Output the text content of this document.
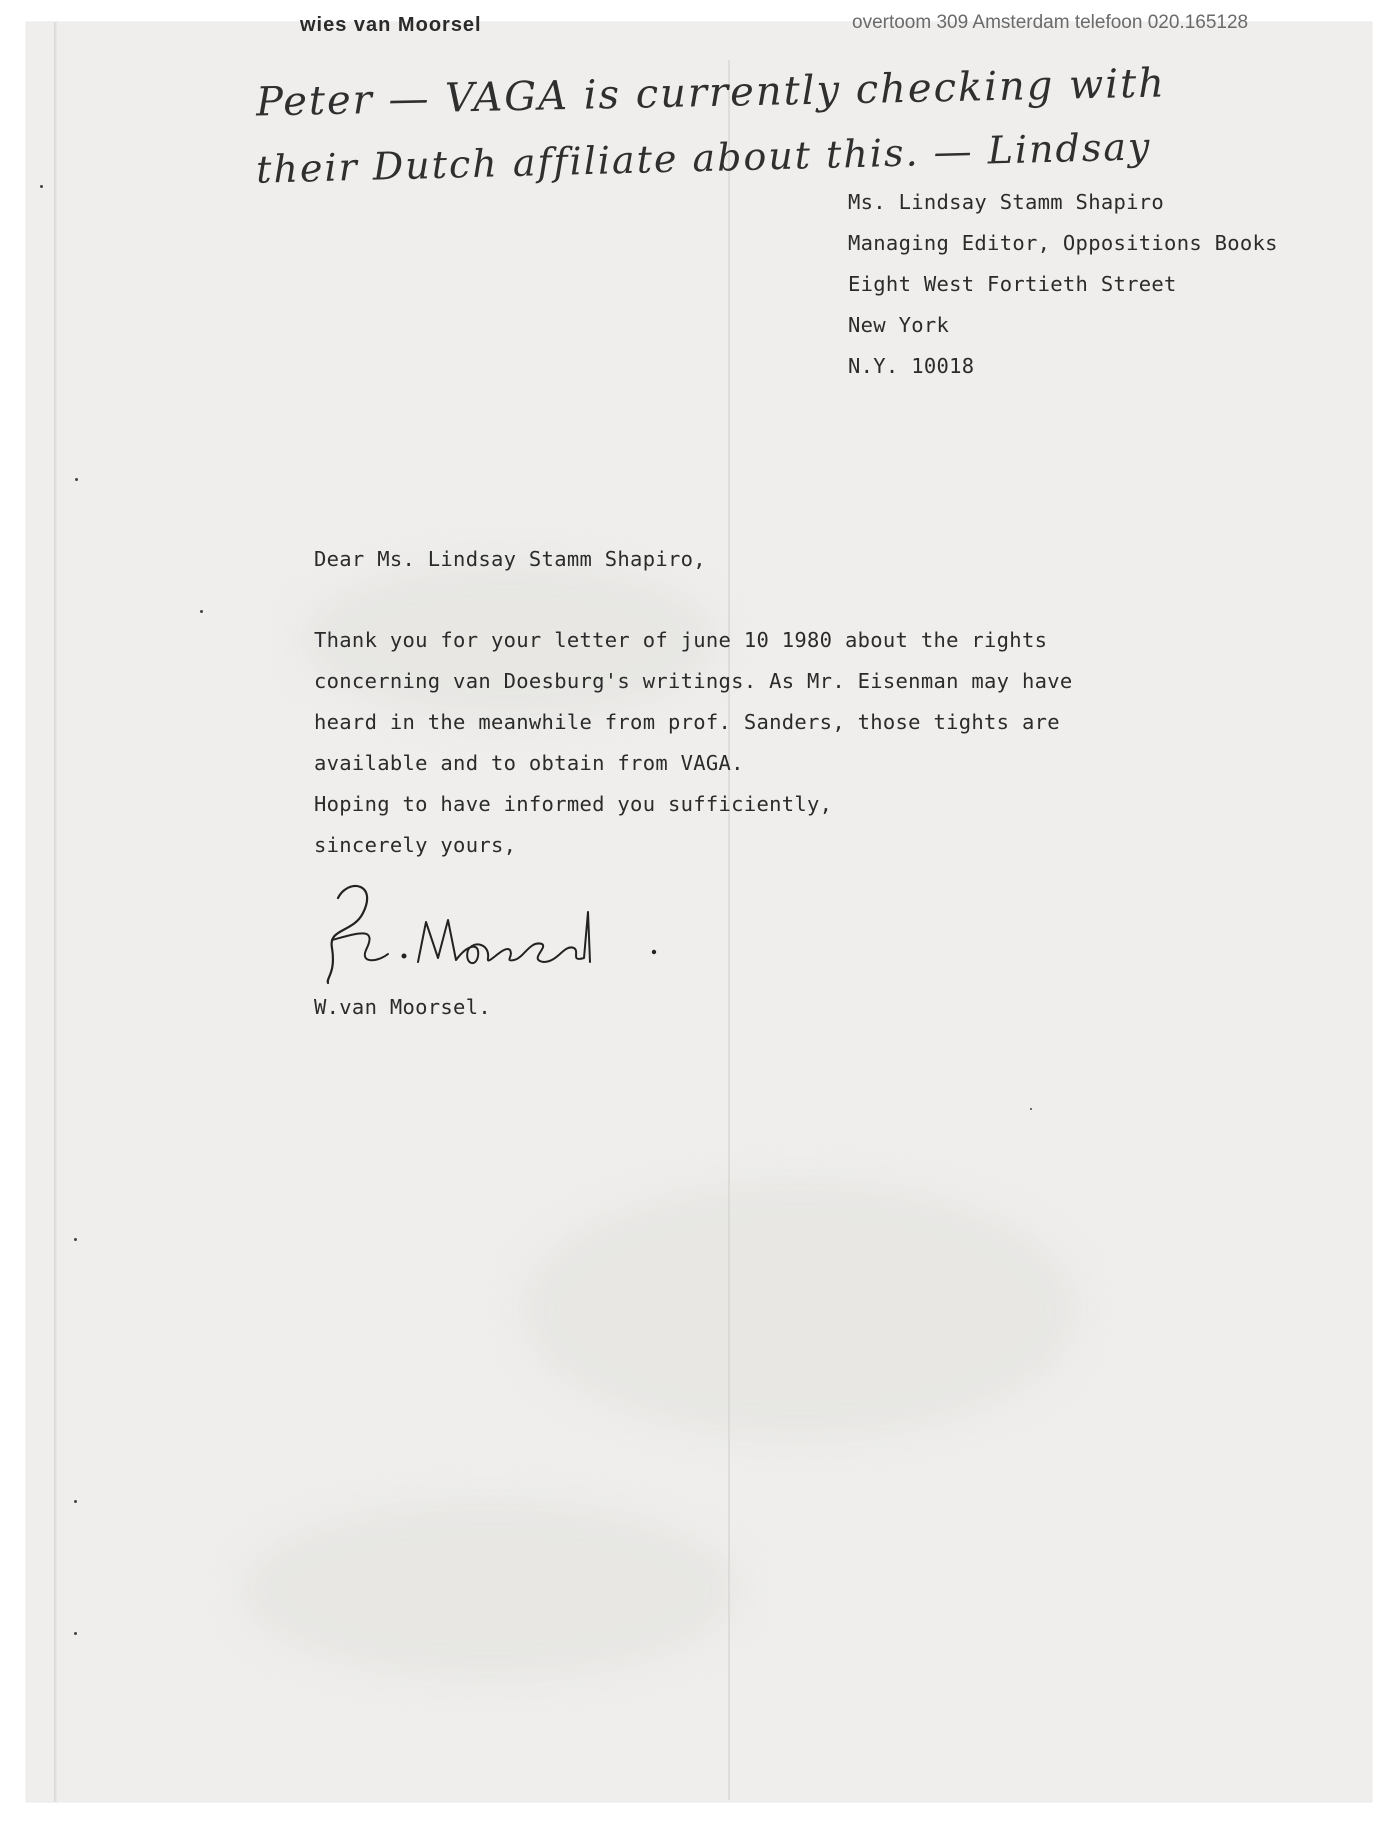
wies van Moorsel	overtoom 309 Amsterdam telefoon 020.165128
Peter — VAGA is currently checking with
their Dutch affiliate about this. — Lindsay
Ms. Lindsay Stamm Shapiro
Managing Editor, Oppositions Books
Eight West Fortieth Street
New York
N.Y. 10018
Dear Ms. Lindsay Stamm Shapiro,
Thank you for your letter of june 10 1980 about the rights
concerning van Doesburg's writings. As Mr. Eisenman may have
heard in the meanwhile from prof. Sanders, those tights are
available and to obtain from VAGA.
Hoping to have informed you sufficiently,
sincerely yours,
W.van Moorsel.
